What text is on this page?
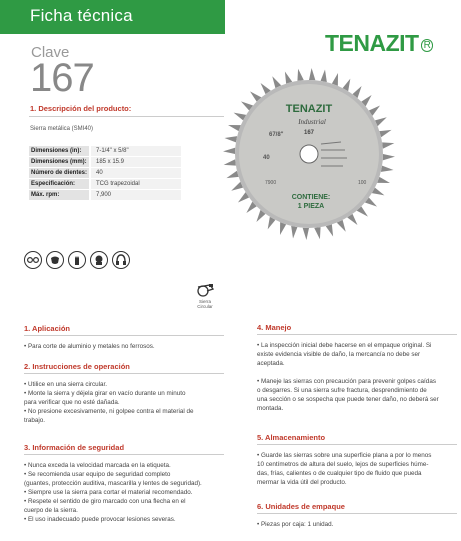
Ficha técnica
TENAZIT $^R$
Clave
167
1. Descripción del producto:
Sierra metálica (SMI40)
Dimensiones (in):	7-1/4" x 5/8"
Dimensiones (mm):	185 x 15.9
Número de dientes:	40
Especificación:	TCG trapezoidal
Máx. rpm:	7,900
TENAZIT
Industrial
167
67/8"
40
7900	100
CONTIENE:
1 PIEZA
Sierra
Circular
1. Aplicación
• Para corte de aluminio y metales no ferrosos.
2. Instrucciones de operación
• Utilice en una sierra circular.
• Monte la sierra y déjela girar en vacío durante un minuto
para verificar que no esté dañada.
• No presione excesivamente, ni golpee contra el material de
trabajo.
3. Información de seguridad
• Nunca exceda la velocidad marcada en la etiqueta.
• Se recomienda usar equipo de seguridad completo
(guantes, protección auditiva, mascarilla y lentes de seguridad).
• Siempre use la sierra para cortar el material recomendado.
• Respete el sentido de giro marcado con una flecha en el
cuerpo de la sierra.
• El uso inadecuado puede provocar lesiones severas.
4. Manejo
• La inspección inicial debe hacerse en el empaque original. Si
existe evidencia visible de daño, la mercancía no debe ser
aceptada.
• Maneje las sierras con precaución para prevenir golpes caídas
o desgarres. Si una sierra sufre fractura, desprendimiento de
una sección o se sospecha que puede tener daño, no deberá ser
montada.
5. Almacenamiento
• Guarde las sierras sobre una superficie plana a por lo menos
10 centímetros de altura del suelo, lejos de superficies húme-
das, frías, calientes o de cualquier tipo de fluido que pueda
mermar la vida útil del producto.
6. Unidades de empaque
• Piezas por caja: 1 unidad.
